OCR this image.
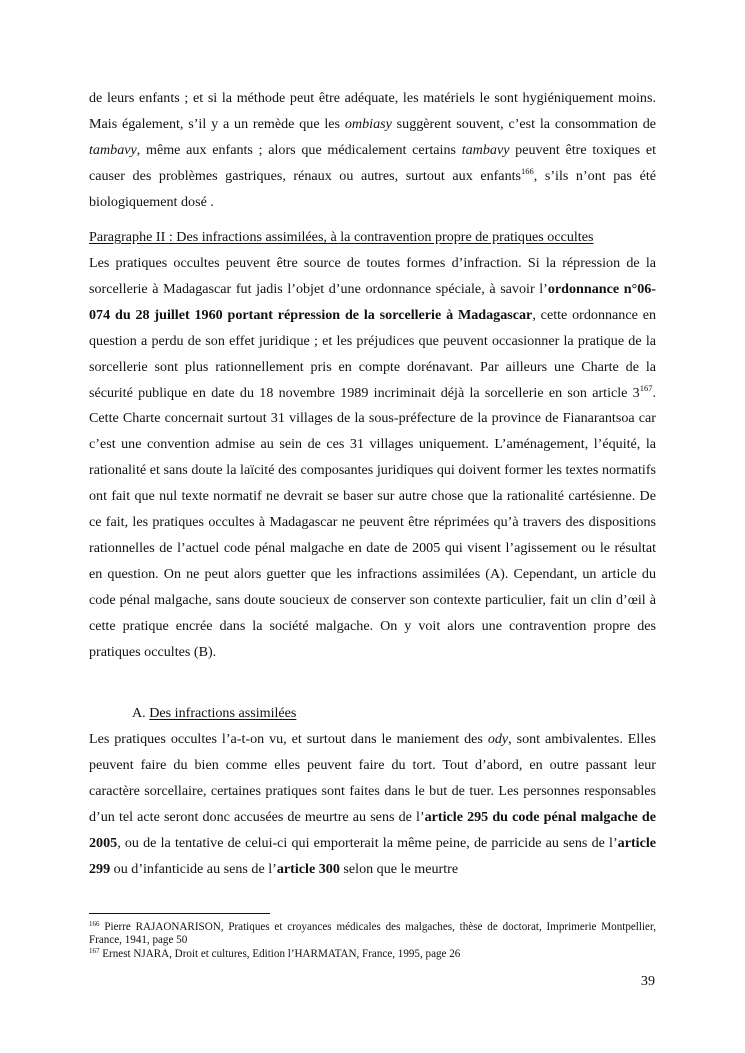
de leurs enfants ; et si la méthode peut être adéquate, les matériels le sont hygiéniquement moins. Mais également, s’il y a un remède que les ombiasy suggèrent souvent, c’est la consommation de tambavy, même aux enfants ; alors que médicalement certains tambavy peuvent être toxiques et causer des problèmes gastriques, rénaux ou autres, surtout aux enfants$^{166}$, s’ils n’ont pas été biologiquement dosé .

Paragraphe II : Des infractions assimilées, à la contravention propre de pratiques occultes

Les pratiques occultes peuvent être source de toutes formes d’infraction. Si la répression de la sorcellerie à Madagascar fut jadis l’objet d’une ordonnance spéciale, à savoir l’ordonnance n°06-074 du 28 juillet 1960 portant répression de la sorcellerie à Madagascar, cette ordonnance en question a perdu de son effet juridique ; et les préjudices que peuvent occasionner la pratique de la sorcellerie sont plus rationnellement pris en compte dorénavant. Par ailleurs une Charte de la sécurité publique en date du 18 novembre 1989 incriminait déjà la sorcellerie en son article $3^{167}$. Cette Charte concernait surtout 31 villages de la sous-préfecture de la province de Fianarantsoa car c’est une convention admise au sein de ces 31 villages uniquement. L’aménagement, l’équité, la rationalité et sans doute la laïcité des composantes juridiques qui doivent former les textes normatifs ont fait que nul texte normatif ne devrait se baser sur autre chose que la rationalité cartésienne. De ce fait, les pratiques occultes à Madagascar ne peuvent être réprimées qu’à travers des dispositions rationnelles de l’actuel code pénal malgache en date de 2005 qui visent l’agissement ou le résultat en question. On ne peut alors guetter que les infractions assimilées (A). Cependant, un article du code pénal malgache, sans doute soucieux de conserver son contexte particulier, fait un clin d’œil à cette pratique encrée dans la société malgache. On y voit alors une contravention propre des pratiques occultes (B).

A. Des infractions assimilées

Les pratiques occultes l’a-t-on vu, et surtout dans le maniement des ody, sont ambivalentes. Elles peuvent faire du bien comme elles peuvent faire du tort. Tout d’abord, en outre passant leur caractère sorcellaire, certaines pratiques sont faites dans le but de tuer. Les personnes responsables d’un tel acte seront donc accusées de meurtre au sens de l’article 295 du code pénal malgache de 2005, ou de la tentative de celui-ci qui emporterait la même peine, de parricide au sens de l’article 299 ou d’infanticide au sens de l’article 300 selon que le meurtre

$^{166}$ Pierre RAJAONARISON, Pratiques et croyances médicales des malgaches, thèse de doctorat, Imprimerie Montpellier, France, 1941, page 50

$^{167}$ Ernest NJARA, Droit et cultures, Edition l’HARMATAN, France, 1995, page 26

39
